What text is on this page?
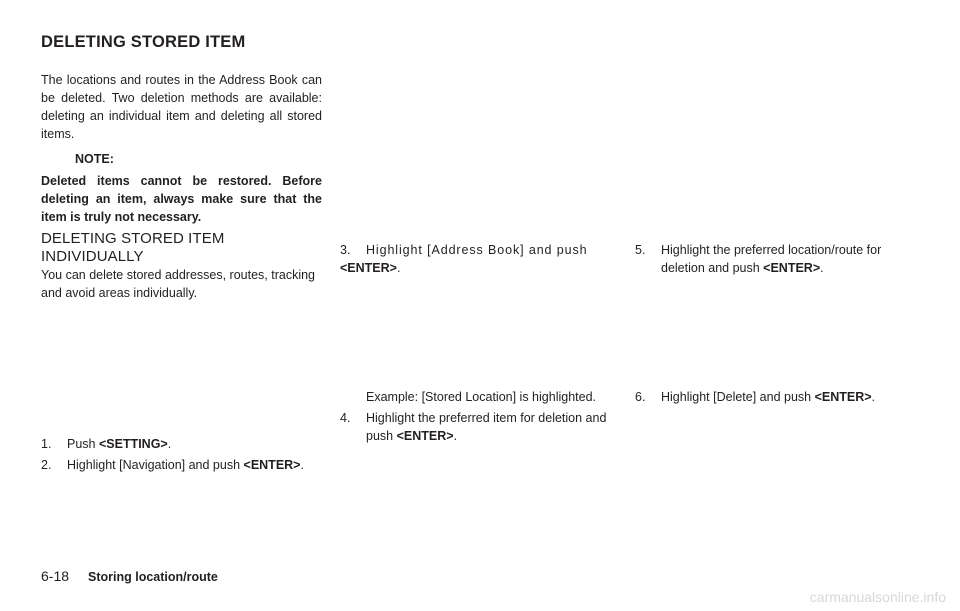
DELETING STORED ITEM
The locations and routes in the Address Book can be deleted. Two deletion methods are available: deleting an individual item and deleting all stored items.
NOTE:
Deleted items cannot be restored. Before deleting an item, always make sure that the item is truly not necessary.
DELETING STORED ITEM INDIVIDUALLY
You can delete stored addresses, routes, tracking and avoid areas individually.
1. Push <SETTING>.
2. Highlight [Navigation] and push <ENTER>.
3. Highlight [Address Book] and push <ENTER>.
Example: [Stored Location] is highlighted.
4.	Highlight the preferred item for deletion and push <ENTER>.
5.	Highlight the preferred location/route for deletion and push <ENTER>.
6. Highlight [Delete] and push <ENTER>.
6-18 Storing location/route
carmanualsonline.info
